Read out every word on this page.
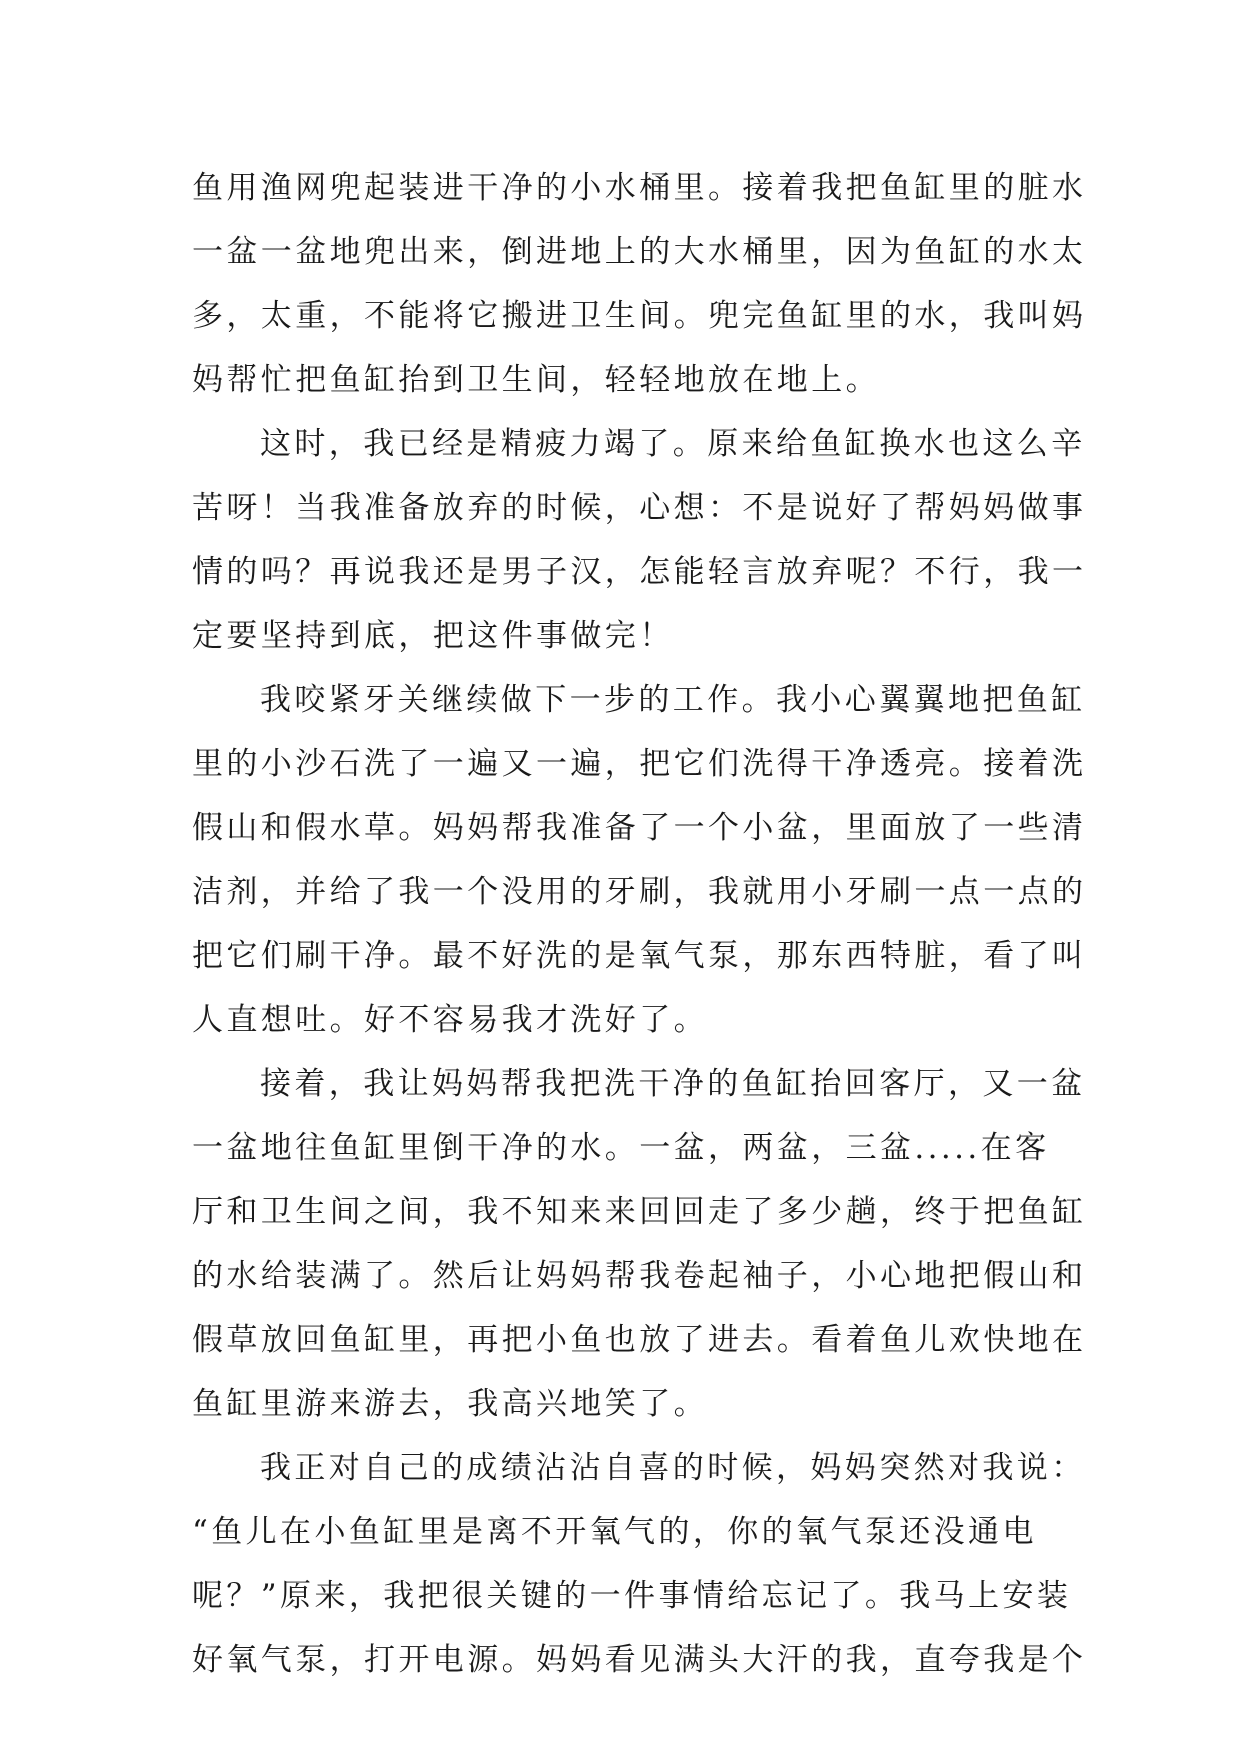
鱼用渔网兜起装进干净的小水桶里。接着我把鱼缸里的脏水
一盆一盆地兜出来，倒进地上的大水桶里，因为鱼缸的水太
多，太重，不能将它搬进卫生间。兜完鱼缸里的水，我叫妈
妈帮忙把鱼缸抬到卫生间，轻轻地放在地上。
这时，我已经是精疲力竭了。原来给鱼缸换水也这么辛
苦呀！当我准备放弃的时候，心想：不是说好了帮妈妈做事
情的吗？再说我还是男子汉，怎能轻言放弃呢？不行，我一
定要坚持到底，把这件事做完！
我咬紧牙关继续做下一步的工作。我小心翼翼地把鱼缸
里的小沙石洗了一遍又一遍，把它们洗得干净透亮。接着洗
假山和假水草。妈妈帮我准备了一个小盆，里面放了一些清
洁剂，并给了我一个没用的牙刷，我就用小牙刷一点一点的
把它们刷干净。最不好洗的是氧气泵，那东西特脏，看了叫
人直想吐。好不容易我才洗好了。
接着，我让妈妈帮我把洗干净的鱼缸抬回客厅，又一盆
一盆地往鱼缸里倒干净的水。一盆，两盆，三盆.....在客
厅和卫生间之间，我不知来来回回走了多少趟，终于把鱼缸
的水给装满了。然后让妈妈帮我卷起袖子，小心地把假山和
假草放回鱼缸里，再把小鱼也放了进去。看着鱼儿欢快地在
鱼缸里游来游去，我高兴地笑了。
我正对自己的成绩沾沾自喜的时候，妈妈突然对我说：
“鱼儿在小鱼缸里是离不开氧气的，你的氧气泵还没通电
呢？”原来，我把很关键的一件事情给忘记了。我马上安装
好氧气泵，打开电源。妈妈看见满头大汗的我，直夸我是个
